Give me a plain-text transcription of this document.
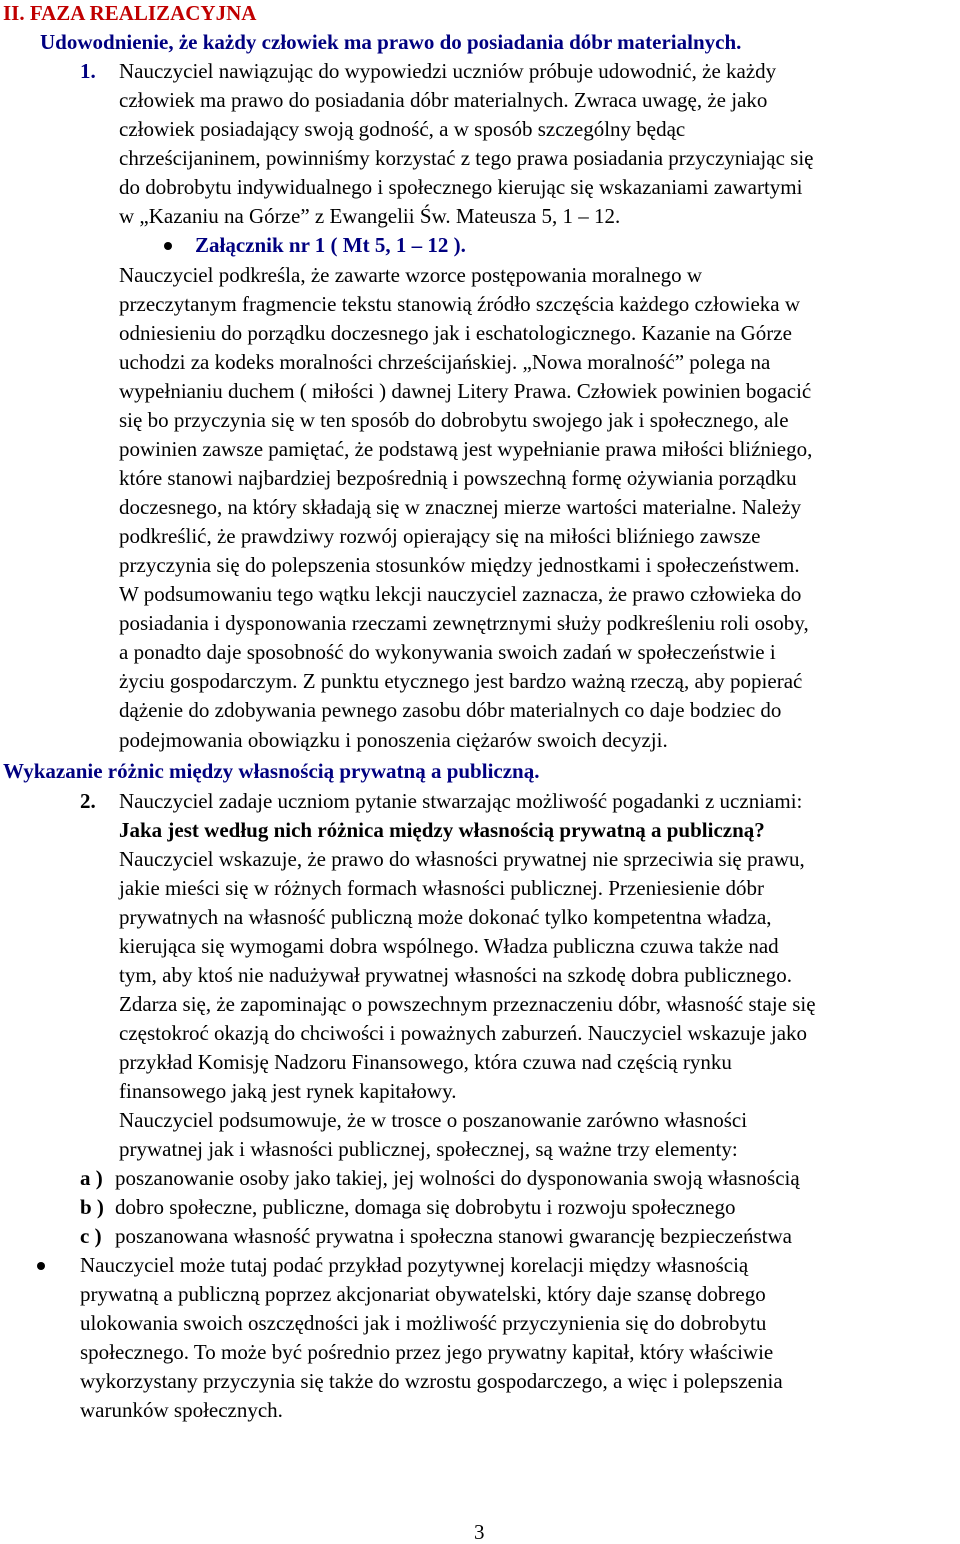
II. FAZA REALIZACYJNA
Udowodnienie, że każdy człowiek ma prawo do posiadania dóbr materialnych.
1. Nauczyciel nawiązując do wypowiedzi uczniów próbuje udowodnić, że każdy
człowiek ma prawo do posiadania dóbr materialnych. Zwraca uwagę, że jako
człowiek posiadający swoją godność, a w sposób szczególny będąc
chrześcijaninem, powinniśmy korzystać z tego prawa posiadania przyczyniając się
do dobrobytu indywidualnego i społecznego kierując się wskazaniami zawartymi
w „Kazaniu na Górze” z Ewangelii Św. Mateusza 5, 1 – 12.
Załącznik nr 1 ( Mt 5, 1 – 12 ).
Nauczyciel podkreśla, że zawarte wzorce postępowania moralnego w
przeczytanym fragmencie tekstu stanowią źródło szczęścia każdego człowieka w
odniesieniu do porządku doczesnego jak i eschatologicznego. Kazanie na Górze
uchodzi za kodeks moralności chrześcijańskiej. „Nowa moralność” polega na
wypełnianiu duchem ( miłości ) dawnej Litery Prawa. Człowiek powinien bogacić
się bo przyczynia się w ten sposób do dobrobytu swojego jak i społecznego, ale
powinien zawsze pamiętać, że podstawą jest wypełnianie prawa miłości bliźniego,
które stanowi najbardziej bezpośrednią i powszechną formę ożywiania porządku
doczesnego, na który składają się w znacznej mierze wartości materialne. Należy
podkreślić, że prawdziwy rozwój opierający się na miłości bliźniego zawsze
przyczynia się do polepszenia stosunków między jednostkami i społeczeństwem.
W podsumowaniu tego wątku lekcji nauczyciel zaznacza, że prawo człowieka do
posiadania i dysponowania rzeczami zewnętrznymi służy podkreśleniu roli osoby,
a ponadto daje sposobność do wykonywania swoich zadań w społeczeństwie i
życiu gospodarczym. Z punktu etycznego jest bardzo ważną rzeczą, aby popierać
dążenie do zdobywania pewnego zasobu dóbr materialnych co daje bodziec do
podejmowania obowiązku i ponoszenia ciężarów swoich decyzji.
Wykazanie różnic między własnością prywatną a publiczną.
2. Nauczyciel zadaje uczniom pytanie stwarzając możliwość pogadanki z uczniami:
Jaka jest według nich różnica między własnością prywatną a publiczną?
Nauczyciel wskazuje, że prawo do własności prywatnej nie sprzeciwia się prawu,
jakie mieści się w różnych formach własności publicznej. Przeniesienie dóbr
prywatnych na własność publiczną może dokonać tylko kompetentna władza,
kierująca się wymogami dobra wspólnego. Władza publiczna czuwa także nad
tym, aby ktoś nie nadużywał prywatnej własności na szkodę dobra publicznego.
Zdarza się, że zapominając o powszechnym przeznaczeniu dóbr, własność staje się
częstokroć okazją do chciwości i poważnych zaburzeń. Nauczyciel wskazuje jako
przykład Komisję Nadzoru Finansowego, która czuwa nad częścią rynku
finansowego jaką jest rynek kapitałowy.
Nauczyciel podsumowuje, że w trosce o poszanowanie zarówno własności
prywatnej jak i własności publicznej, społecznej, są ważne trzy elementy:
a ) poszanowanie osoby jako takiej, jej wolności do dysponowania swoją własnością
b ) dobro społeczne, publiczne, domaga się dobrobytu i rozwoju społecznego
c ) poszanowana własność prywatna i społeczna stanowi gwarancję bezpieczeństwa
Nauczyciel może tutaj podać przykład pozytywnej korelacji między własnością
prywatną a publiczną poprzez akcjonariat obywatelski, który daje szansę dobrego
ulokowania swoich oszczędności jak i możliwość przyczynienia się do dobrobytu
społecznego. To może być pośrednio przez jego prywatny kapitał, który właściwie
wykorzystany przyczynia się także do wzrostu gospodarczego, a więc i polepszenia
warunków społecznych.
3
